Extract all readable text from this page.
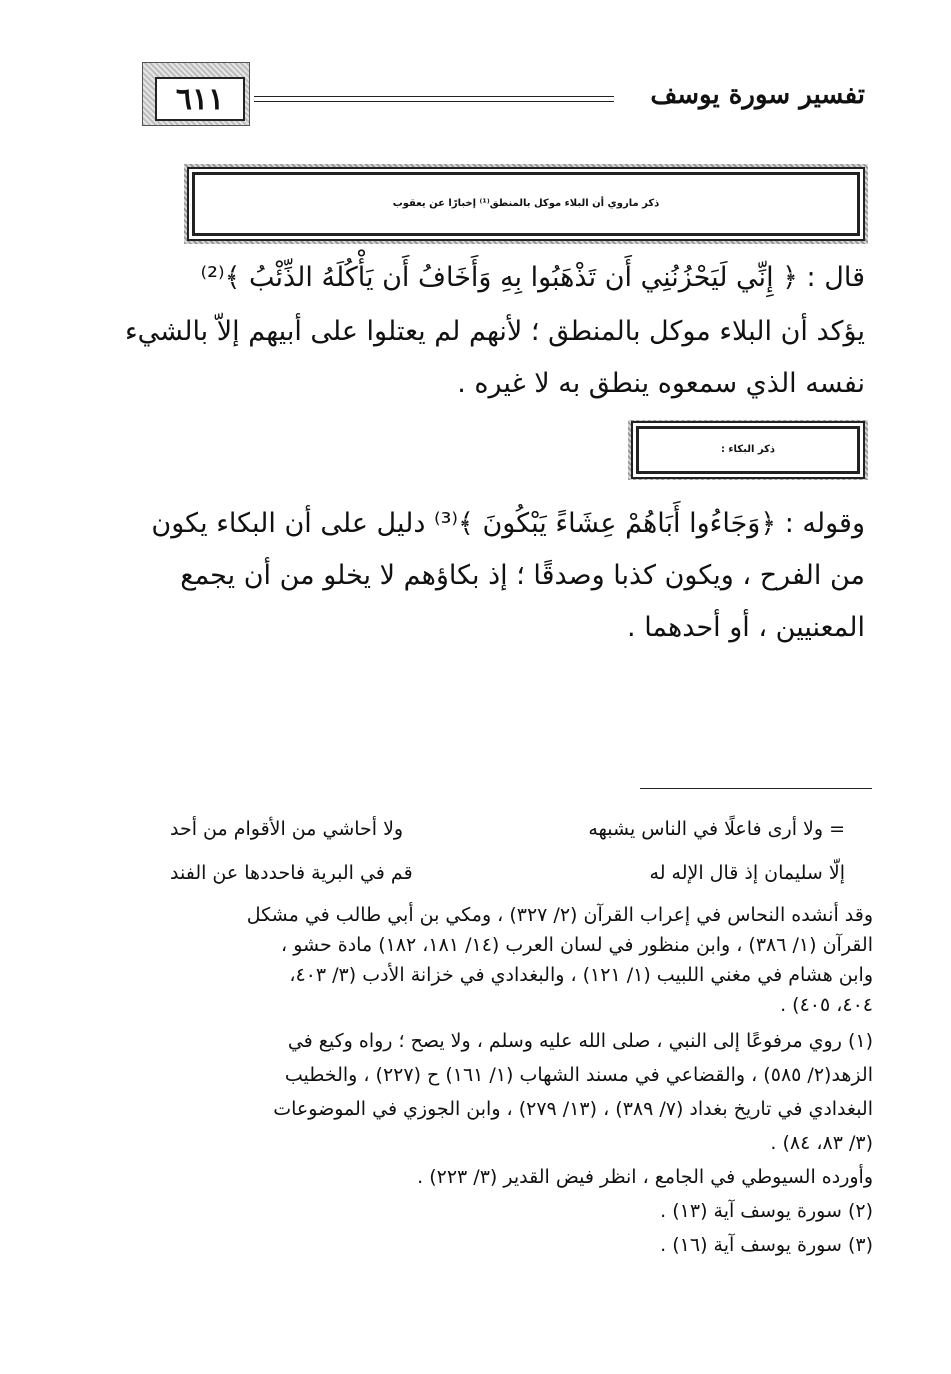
٦١١	تفسير سورة يوسف
ذكر ماروي أن البلاء موكل بالمنطق⁽¹⁾ إخبارًا عن يعقوب
قال : ﴿ إِنِّي لَيَحْزُنُنِي أَن تَذْهَبُوا بِهِ وَأَخَافُ أَن يَأْكُلَهُ الذِّئْبُ ﴾⁽²⁾
يؤكد أن البلاء موكل بالمنطق ؛ لأنهم لم يعتلوا على أبيهم إلاّ بالشيء
نفسه الذي سمعوه ينطق به لا غيره .
ذكر البكاء :
وقوله : ﴿وَجَاءُوا أَبَاهُمْ عِشَاءً يَبْكُونَ ﴾⁽³⁾ دليل على أن البكاء يكون
من الفرح ، ويكون كذبا وصدقًا ؛ إذ بكاؤهم لا يخلو من أن يجمع
المعنيين ، أو أحدهما .
= ولا أرى فاعلًا في الناس يشبهه
ولا أحاشي من الأقوام من أحد
إلّا سليمان إذ قال الإله له
قم في البرية فاحددها عن الفند
وقد أنشده النحاس في إعراب القرآن (٢/ ٣٢٧) ، ومكي بن أبي طالب في مشكل
القرآن (١/ ٣٨٦) ، وابن منظور في لسان العرب (١٤/ ١٨١، ١٨٢) مادة حشو ،
وابن هشام في مغني اللبيب (١/ ١٢١) ، والبغدادي في خزانة الأدب (٣/ ٤٠٣،
٤٠٤، ٤٠٥) .
(١) روي مرفوعًا إلى النبي ، صلى الله عليه وسلم ، ولا يصح ؛ رواه وكيع في
الزهد(٢/ ٥٨٥) ، والقضاعي في مسند الشهاب (١/ ١٦١) ح (٢٢٧) ، والخطيب
البغدادي في تاريخ بغداد (٧/ ٣٨٩) ، (١٣/ ٢٧٩) ، وابن الجوزي في الموضوعات
(٣/ ٨٣، ٨٤) .
وأورده السيوطي في الجامع ، انظر فيض القدير (٣/ ٢٢٣) .
(٢) سورة يوسف آية (١٣) .
(٣) سورة يوسف آية (١٦) .
